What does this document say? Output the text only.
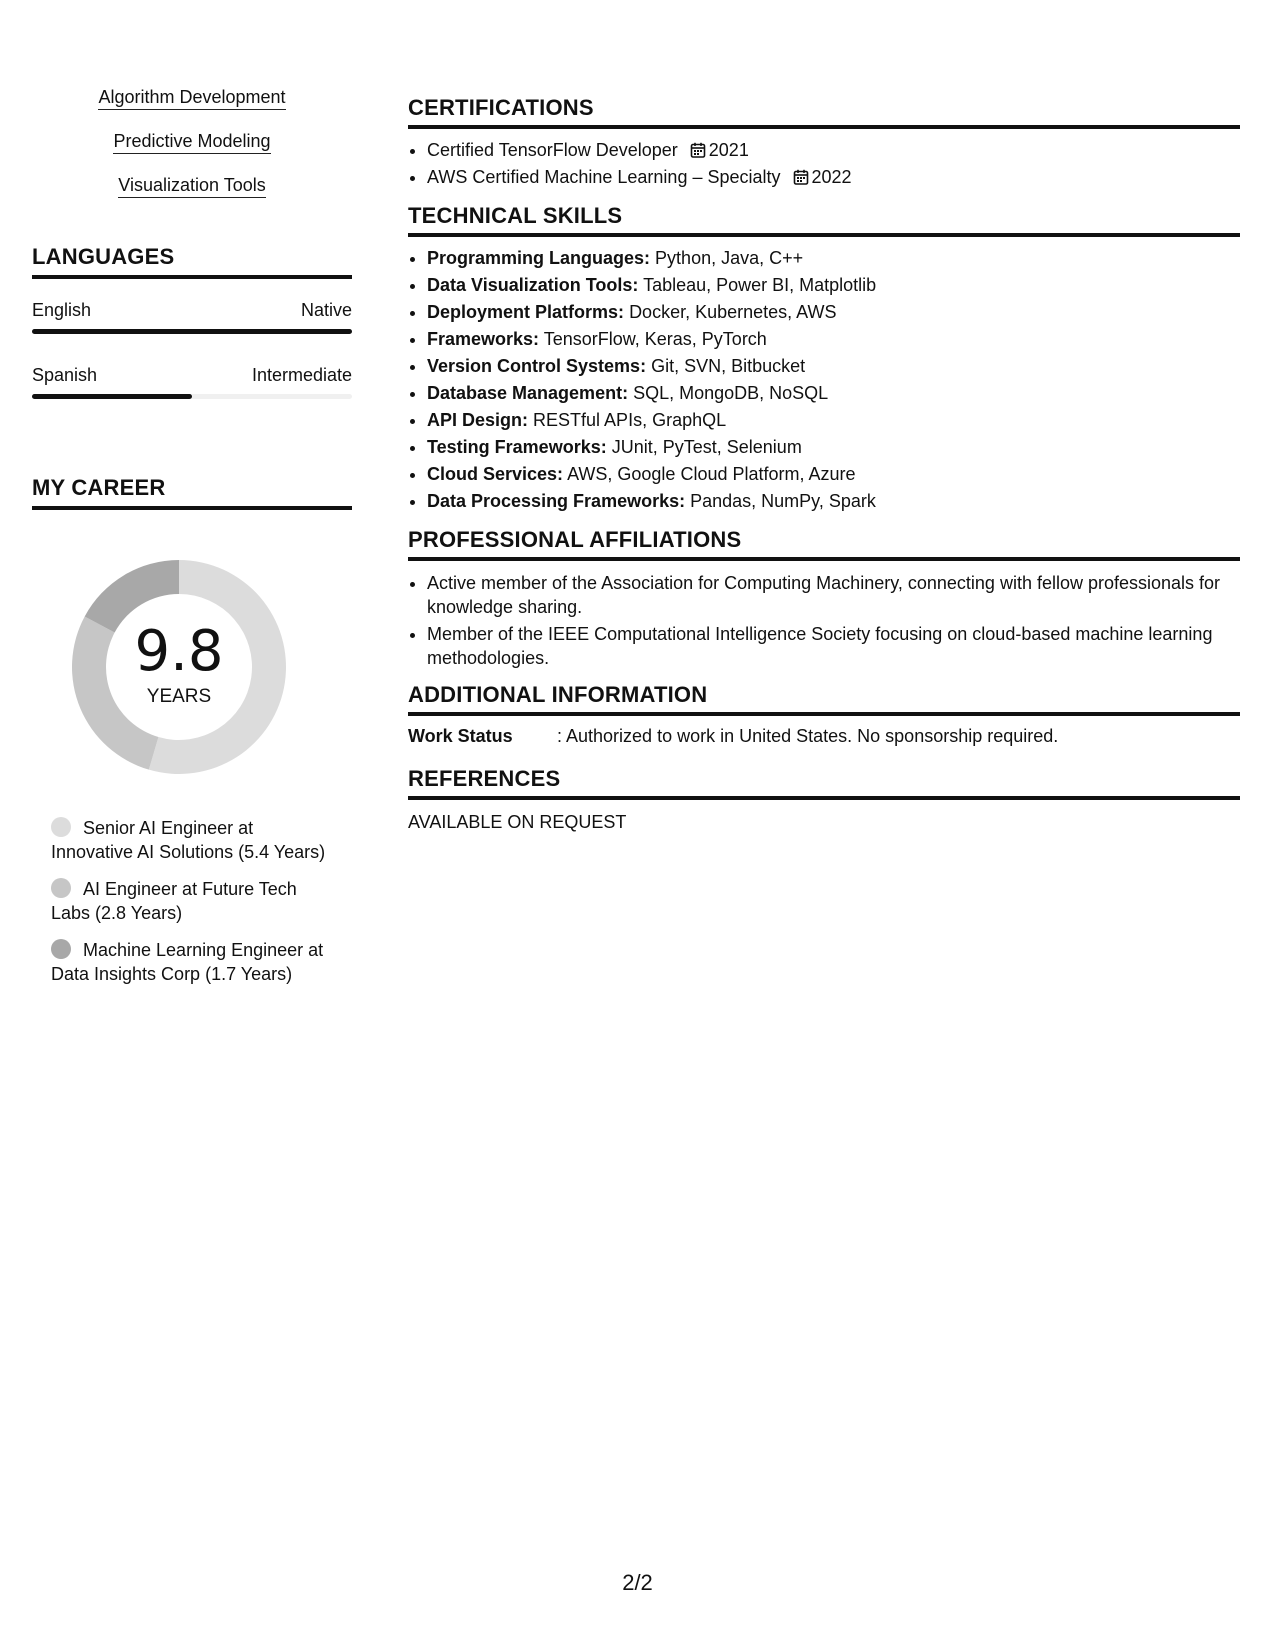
Algorithm Development
Predictive Modeling
Visualization Tools
LANGUAGES
English	Native
Spanish	Intermediate
MY CAREER
9.8
YEARS
Senior AI Engineer at Innovative AI Solutions (5.4 Years)
AI Engineer at Future Tech Labs (2.8 Years)
Machine Learning Engineer at Data Insights Corp (1.7 Years)
CERTIFICATIONS
• Certified TensorFlow Developer 2021
• AWS Certified Machine Learning – Specialty 2022
TECHNICAL SKILLS
• Programming Languages: Python, Java, C++
• Data Visualization Tools: Tableau, Power BI, Matplotlib
• Deployment Platforms: Docker, Kubernetes, AWS
• Frameworks: TensorFlow, Keras, PyTorch
• Version Control Systems: Git, SVN, Bitbucket
• Database Management: SQL, MongoDB, NoSQL
• API Design: RESTful APIs, GraphQL
• Testing Frameworks: JUnit, PyTest, Selenium
• Cloud Services: AWS, Google Cloud Platform, Azure
• Data Processing Frameworks: Pandas, NumPy, Spark
PROFESSIONAL AFFILIATIONS
• Active member of the Association for Computing Machinery, connecting with fellow professionals for knowledge sharing.
• Member of the IEEE Computational Intelligence Society focusing on cloud-based machine learning methodologies.
ADDITIONAL INFORMATION
Work Status	: Authorized to work in United States. No sponsorship required.
REFERENCES
AVAILABLE ON REQUEST
2/2
